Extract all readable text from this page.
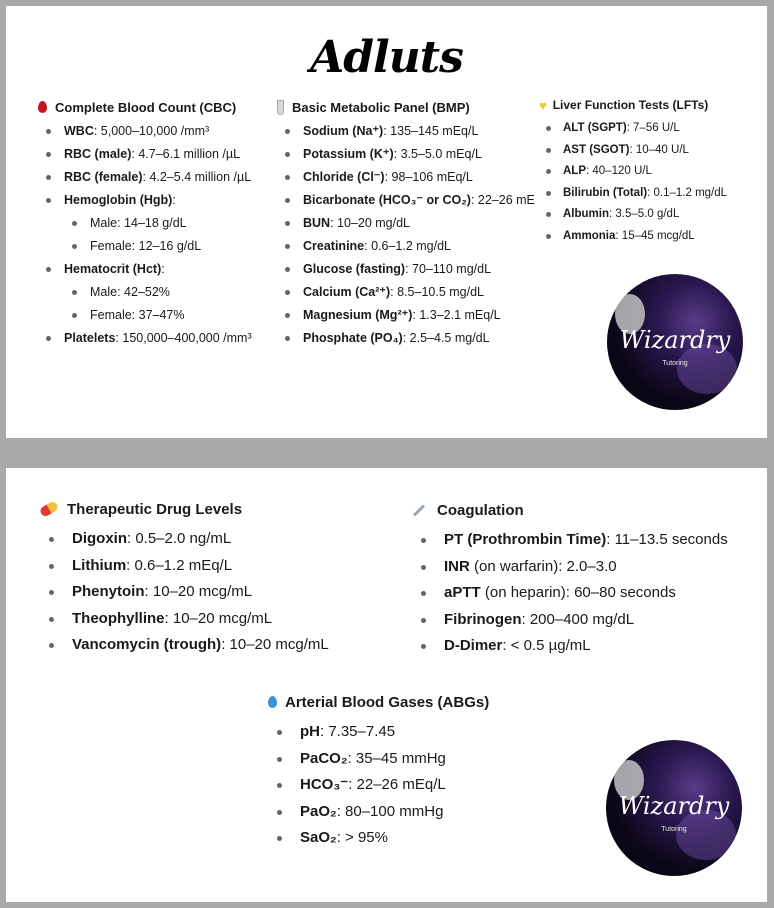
Adluts
Complete Blood Count (CBC)
WBC: 5,000–10,000 /mm³
RBC (male): 4.7–6.1 million /µL
RBC (female): 4.2–5.4 million /µL
Hemoglobin (Hgb):
Male: 14–18 g/dL
Female: 12–16 g/dL
Hematocrit (Hct):
Male: 42–52%
Female: 37–47%
Platelets: 150,000–400,000 /mm³
Basic Metabolic Panel (BMP)
Sodium (Na⁺): 135–145 mEq/L
Potassium (K⁺): 3.5–5.0 mEq/L
Chloride (Cl⁻): 98–106 mEq/L
Bicarbonate (HCO₃⁻ or CO₂): 22–26 mE
BUN: 10–20 mg/dL
Creatinine: 0.6–1.2 mg/dL
Glucose (fasting): 70–110 mg/dL
Calcium (Ca²⁺): 8.5–10.5 mg/dL
Magnesium (Mg²⁺): 1.3–2.1 mEq/L
Phosphate (PO₄): 2.5–4.5 mg/dL
♥ Liver Function Tests (LFTs)
ALT (SGPT): 7–56 U/L
AST (SGOT): 10–40 U/L
ALP: 40–120 U/L
Bilirubin (Total): 0.1–1.2 mg/dL
Albumin: 3.5–5.0 g/dL
Ammonia: 15–45 mcg/dL
Wizardry
Tutoring
Therapeutic Drug Levels
Digoxin: 0.5–2.0 ng/mL
Lithium: 0.6–1.2 mEq/L
Phenytoin: 10–20 mcg/mL
Theophylline: 10–20 mcg/mL
Vancomycin (trough): 10–20 mcg/mL
Coagulation
PT (Prothrombin Time): 11–13.5 seconds
INR (on warfarin): 2.0–3.0
aPTT (on heparin): 60–80 seconds
Fibrinogen: 200–400 mg/dL
D-Dimer: < 0.5 µg/mL
Arterial Blood Gases (ABGs)
pH: 7.35–7.45
PaCO₂: 35–45 mmHg
HCO₃⁻: 22–26 mEq/L
PaO₂: 80–100 mmHg
SaO₂: > 95%
Wizardry
Tutoring
